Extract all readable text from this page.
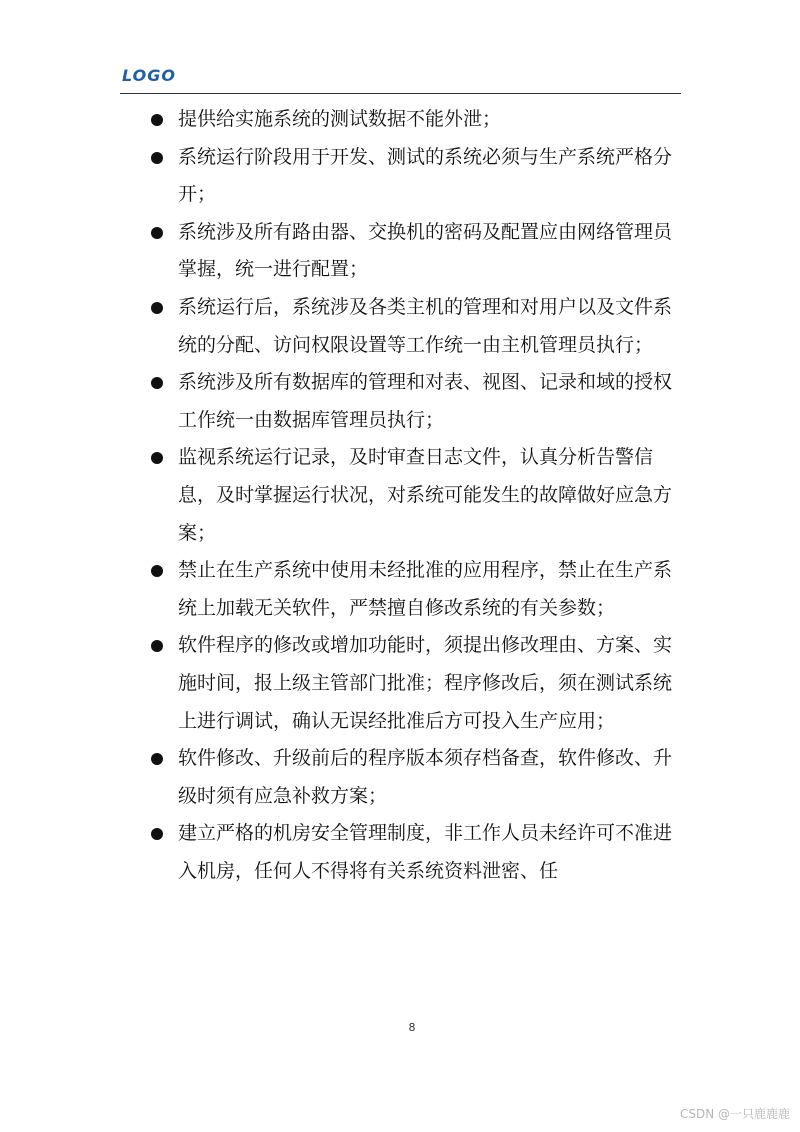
LOGO
提供给实施系统的测试数据不能外泄；
系统运行阶段用于开发、测试的系统必须与生产系统严格分开；
系统涉及所有路由器、交换机的密码及配置应由网络管理员掌握，统一进行配置；
系统运行后，系统涉及各类主机的管理和对用户以及文件系统的分配、访问权限设置等工作统一由主机管理员执行；
系统涉及所有数据库的管理和对表、视图、记录和域的授权工作统一由数据库管理员执行；
监视系统运行记录，及时审查日志文件，认真分析告警信息，及时掌握运行状况，对系统可能发生的故障做好应急方案；
禁止在生产系统中使用未经批准的应用程序，禁止在生产系统上加载无关软件，严禁擅自修改系统的有关参数；
软件程序的修改或增加功能时，须提出修改理由、方案、实施时间，报上级主管部门批准；程序修改后，须在测试系统上进行调试，确认无误经批准后方可投入生产应用；
软件修改、升级前后的程序版本须存档备查，软件修改、升级时须有应急补救方案；
建立严格的机房安全管理制度，非工作人员未经许可不准进入机房，任何人不得将有关系统资料泄密、任
8
CSDN @一只鹿鹿鹿
